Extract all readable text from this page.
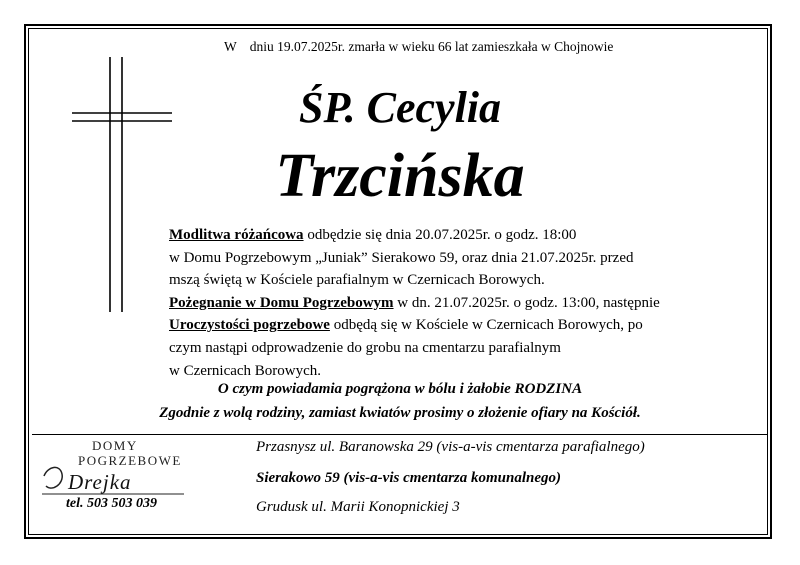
W dniu 19.07.2025r. zmarła w wieku 66 lat zamieszkała w Chojnowie
ŚP. Cecylia
Trzcińska

Modlitwa różańcowa odbędzie się dnia 20.07.2025r. o godz. 18:00

w Domu Pogrzebowym „Juniak” Sierakowo 59, oraz dnia 21.07.2025r. przed

mszą świętą w Kościele parafialnym w Czernicach Borowych.

Pożegnanie w Domu Pogrzebowym w dn. 21.07.2025r. o godz. 13:00, następnie

Uroczystości pogrzebowe odbędą się w Kościele w Czernicach Borowych, po

czym nastąpi odprowadzenie do grobu na cmentarzu parafialnym

w Czernicach Borowych.

O czym powiadamia pogrążona w bólu i żałobie RODZINA
Zgodnie z wolą rodziny, zamiast kwiatów prosimy o złożenie ofiary na Kościół.
DOMY
POGRZEBOWE
Drejka
tel. 503 503 039
Przasnysz ul. Baranowska 29 (vis-a-vis cmentarza parafialnego)
Sierakowo 59 (vis-a-vis cmentarza komunalnego)
Grudusk ul. Marii Konopnickiej 3
